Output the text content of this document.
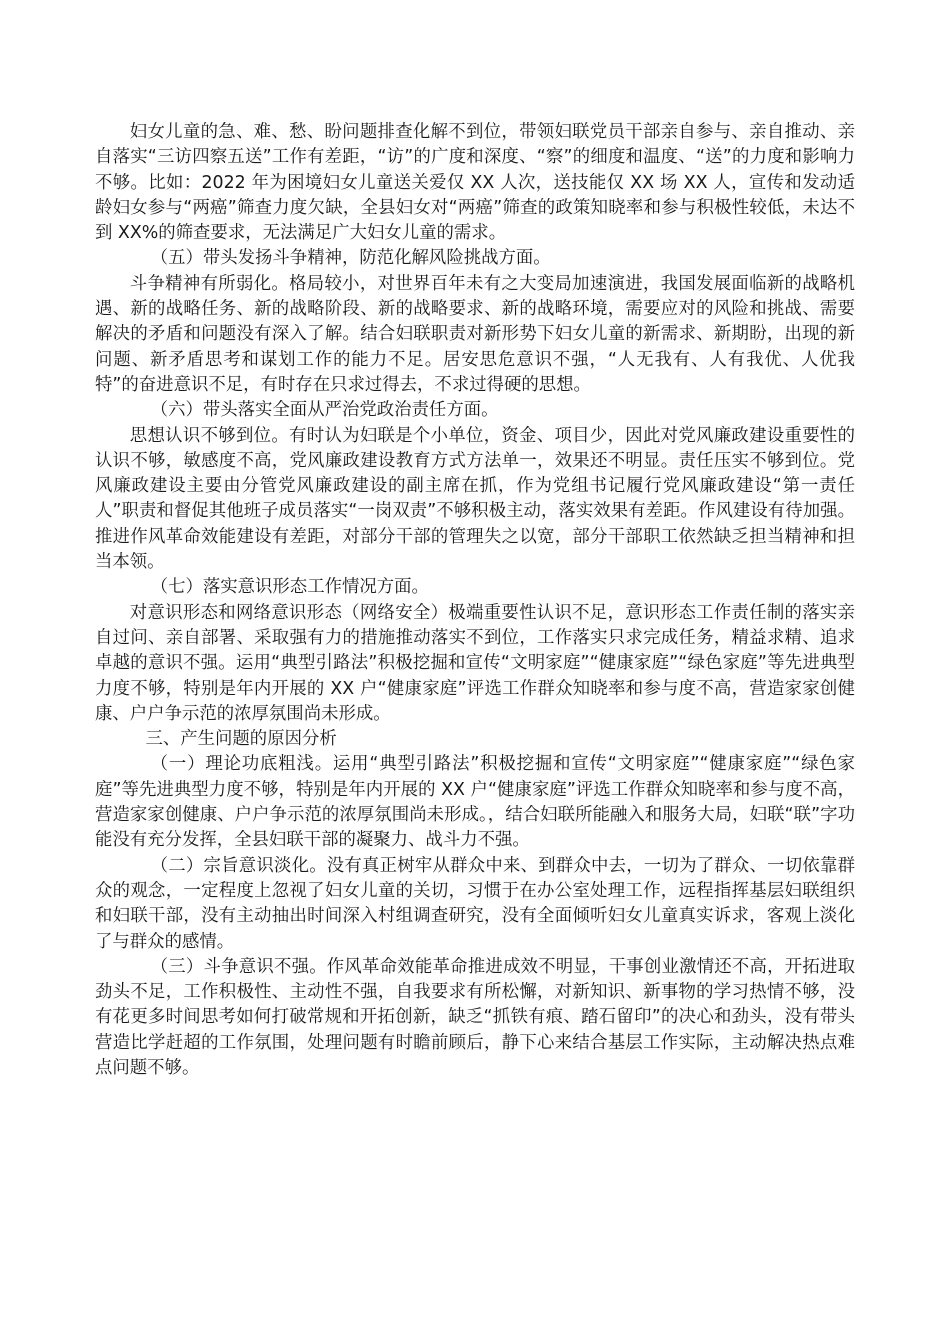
妇女儿童的急、难、愁、盼问题排查化解不到位，带领妇联党员干部亲自参与、亲自推动、亲自落实“三访四察五送”工作有差距，“访”的广度和深度、“察”的细度和温度、“送”的力度和影响力不够。比如：2022 年为困境妇女儿童送关爱仅 XX 人次，送技能仅 XX 场 XX 人，宣传和发动适龄妇女参与“两癌”筛查力度欠缺，全县妇女对“两癌”筛查的政策知晓率和参与积极性较低，未达不到 XX%的筛查要求，无法满足广大妇女儿童的需求。

（五）带头发扬斗争精神，防范化解风险挑战方面。

斗争精神有所弱化。格局较小，对世界百年未有之大变局加速演进，我国发展面临新的战略机遇、新的战略任务、新的战略阶段、新的战略要求、新的战略环境，需要应对的风险和挑战、需要解决的矛盾和问题没有深入了解。结合妇联职责对新形势下妇女儿童的新需求、新期盼，出现的新问题、新矛盾思考和谋划工作的能力不足。居安思危意识不强，“人无我有、人有我优、人优我特”的奋进意识不足，有时存在只求过得去，不求过得硬的思想。

（六）带头落实全面从严治党政治责任方面。

思想认识不够到位。有时认为妇联是个小单位，资金、项目少，因此对党风廉政建设重要性的认识不够，敏感度不高，党风廉政建设教育方式方法单一，效果还不明显。责任压实不够到位。党风廉政建设主要由分管党风廉政建设的副主席在抓，作为党组书记履行党风廉政建设“第一责任人”职责和督促其他班子成员落实“一岗双责”不够积极主动，落实效果有差距。作风建设有待加强。推进作风革命效能建设有差距，对部分干部的管理失之以宽，部分干部职工依然缺乏担当精神和担当本领。

（七）落实意识形态工作情况方面。

对意识形态和网络意识形态（网络安全）极端重要性认识不足，意识形态工作责任制的落实亲自过问、亲自部署、采取强有力的措施推动落实不到位，工作落实只求完成任务，精益求精、追求卓越的意识不强。运用“典型引路法”积极挖掘和宣传“文明家庭”“健康家庭”“绿色家庭”等先进典型力度不够，特别是年内开展的 XX 户“健康家庭”评选工作群众知晓率和参与度不高，营造家家创健康、户户争示范的浓厚氛围尚未形成。

三、产生问题的原因分析

（一）理论功底粗浅。运用“典型引路法”积极挖掘和宣传“文明家庭”“健康家庭”“绿色家庭”等先进典型力度不够，特别是年内开展的 XX 户“健康家庭”评选工作群众知晓率和参与度不高，营造家家创健康、户户争示范的浓厚氛围尚未形成。，结合妇联所能融入和服务大局，妇联“联”字功能没有充分发挥，全县妇联干部的凝聚力、战斗力不强。

（二）宗旨意识淡化。没有真正树牢从群众中来、到群众中去，一切为了群众、一切依靠群众的观念，一定程度上忽视了妇女儿童的关切，习惯于在办公室处理工作，远程指挥基层妇联组织和妇联干部，没有主动抽出时间深入村组调查研究，没有全面倾听妇女儿童真实诉求，客观上淡化了与群众的感情。

（三）斗争意识不强。作风革命效能革命推进成效不明显，干事创业激情还不高，开拓进取劲头不足，工作积极性、主动性不强，自我要求有所松懈，对新知识、新事物的学习热情不够，没有花更多时间思考如何打破常规和开拓创新，缺乏“抓铁有痕、踏石留印”的决心和劲头，没有带头营造比学赶超的工作氛围，处理问题有时瞻前顾后，静下心来结合基层工作实际，主动解决热点难点问题不够。
